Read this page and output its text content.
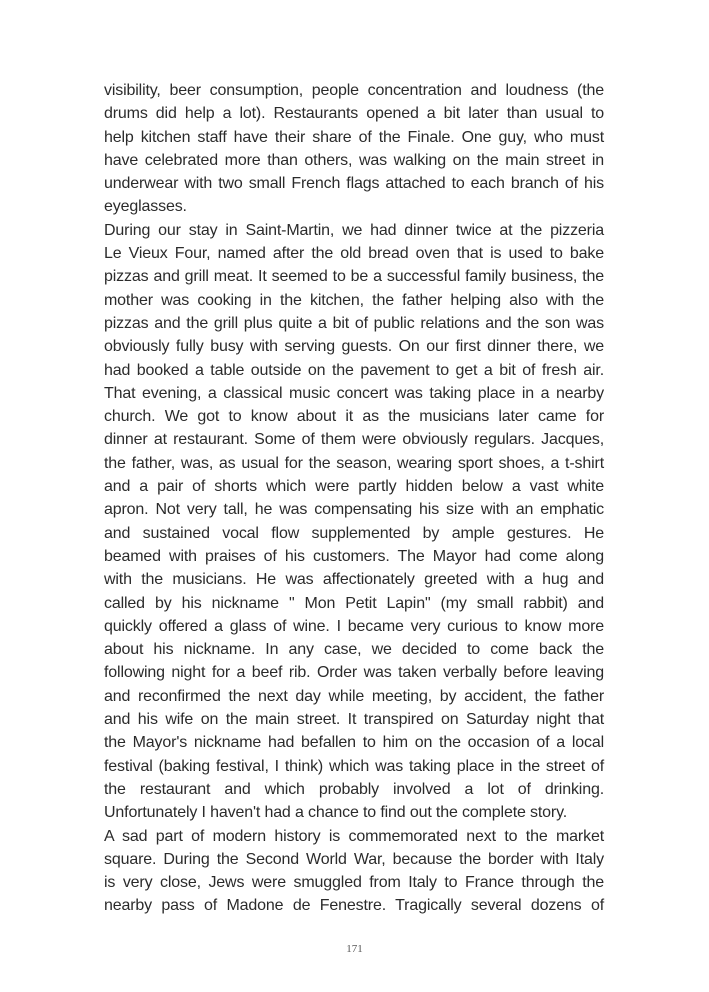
visibility, beer consumption, people concentration and loudness (the
drums did help a lot). Restaurants opened a bit later than usual to
help kitchen staff have their share of the Finale. One guy, who must
have celebrated more than others, was walking on the main street in
underwear with two small French flags attached to each branch of his
eyeglasses.
During our stay in Saint-Martin, we had dinner twice at the pizzeria
Le Vieux Four, named after the old bread oven that is used to bake
pizzas and grill meat. It seemed to be a successful family business, the
mother was cooking in the kitchen, the father helping also with the
pizzas and the grill plus quite a bit of public relations and the son was
obviously fully busy with serving guests. On our first dinner there, we
had booked a table outside on the pavement to get a bit of fresh air.
That evening, a classical music concert was taking place in a nearby
church. We got to know about it as the musicians later came for
dinner at restaurant. Some of them were obviously regulars. Jacques,
the father, was, as usual for the season, wearing sport shoes, a t-shirt
and a pair of shorts which were partly hidden below a vast white
apron. Not very tall, he was compensating his size with an emphatic
and sustained vocal flow supplemented by ample gestures. He
beamed with praises of his customers. The Mayor had come along
with the musicians. He was affectionately greeted with a hug and
called by his nickname " Mon Petit Lapin" (my small rabbit) and
quickly offered a glass of wine. I became very curious to know more
about his nickname. In any case, we decided to come back the
following night for a beef rib. Order was taken verbally before leaving
and reconfirmed the next day while meeting, by accident, the father
and his wife on the main street. It transpired on Saturday night that
the Mayor's nickname had befallen to him on the occasion of a local
festival (baking festival, I think) which was taking place in the street of
the restaurant and which probably involved a lot of drinking.
Unfortunately I haven't had a chance to find out the complete story.
A sad part of modern history is commemorated next to the market
square. During the Second World War, because the border with Italy
is very close, Jews were smuggled from Italy to France through the
nearby pass of Madone de Fenestre. Tragically several dozens of
171
